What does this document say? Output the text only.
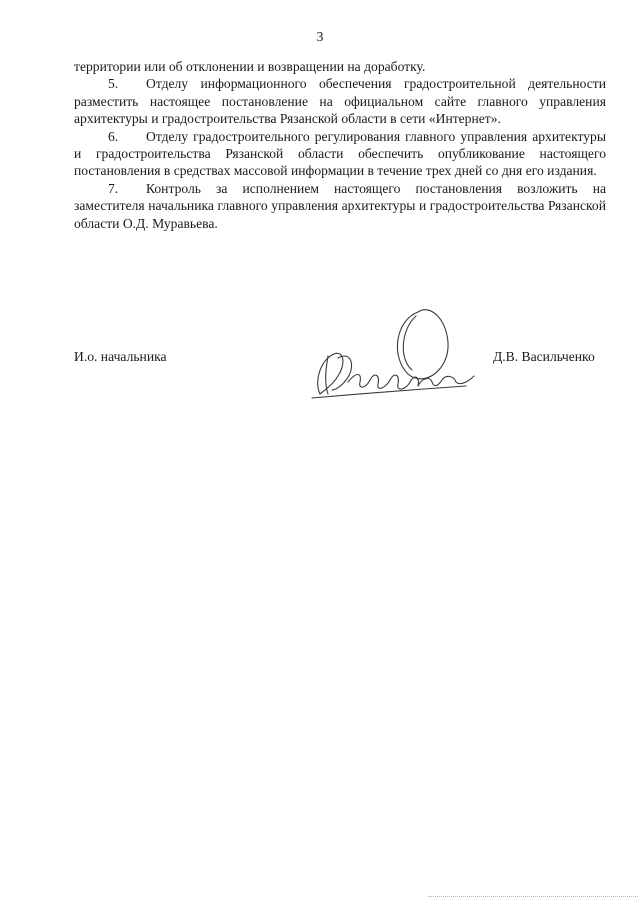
3

территории или об отклонении и возвращении на доработку.

5. Отделу информационного обеспечения градостроительной деятельности разместить настоящее постановление на официальном сайте главного управления архитектуры и градостроительства Рязанской области в сети «Интернет».

6. Отделу градостроительного регулирования главного управления архитектуры и градостроительства Рязанской области обеспечить опубликование настоящего постановления в средствах массовой информации в течение трех дней со дня его издания.

7. Контроль за исполнением настоящего постановления возложить на заместителя начальника главного управления архитектуры и градостроительства Рязанской области О.Д. Муравьева.

И.о. начальника	Д.В. Васильченко
